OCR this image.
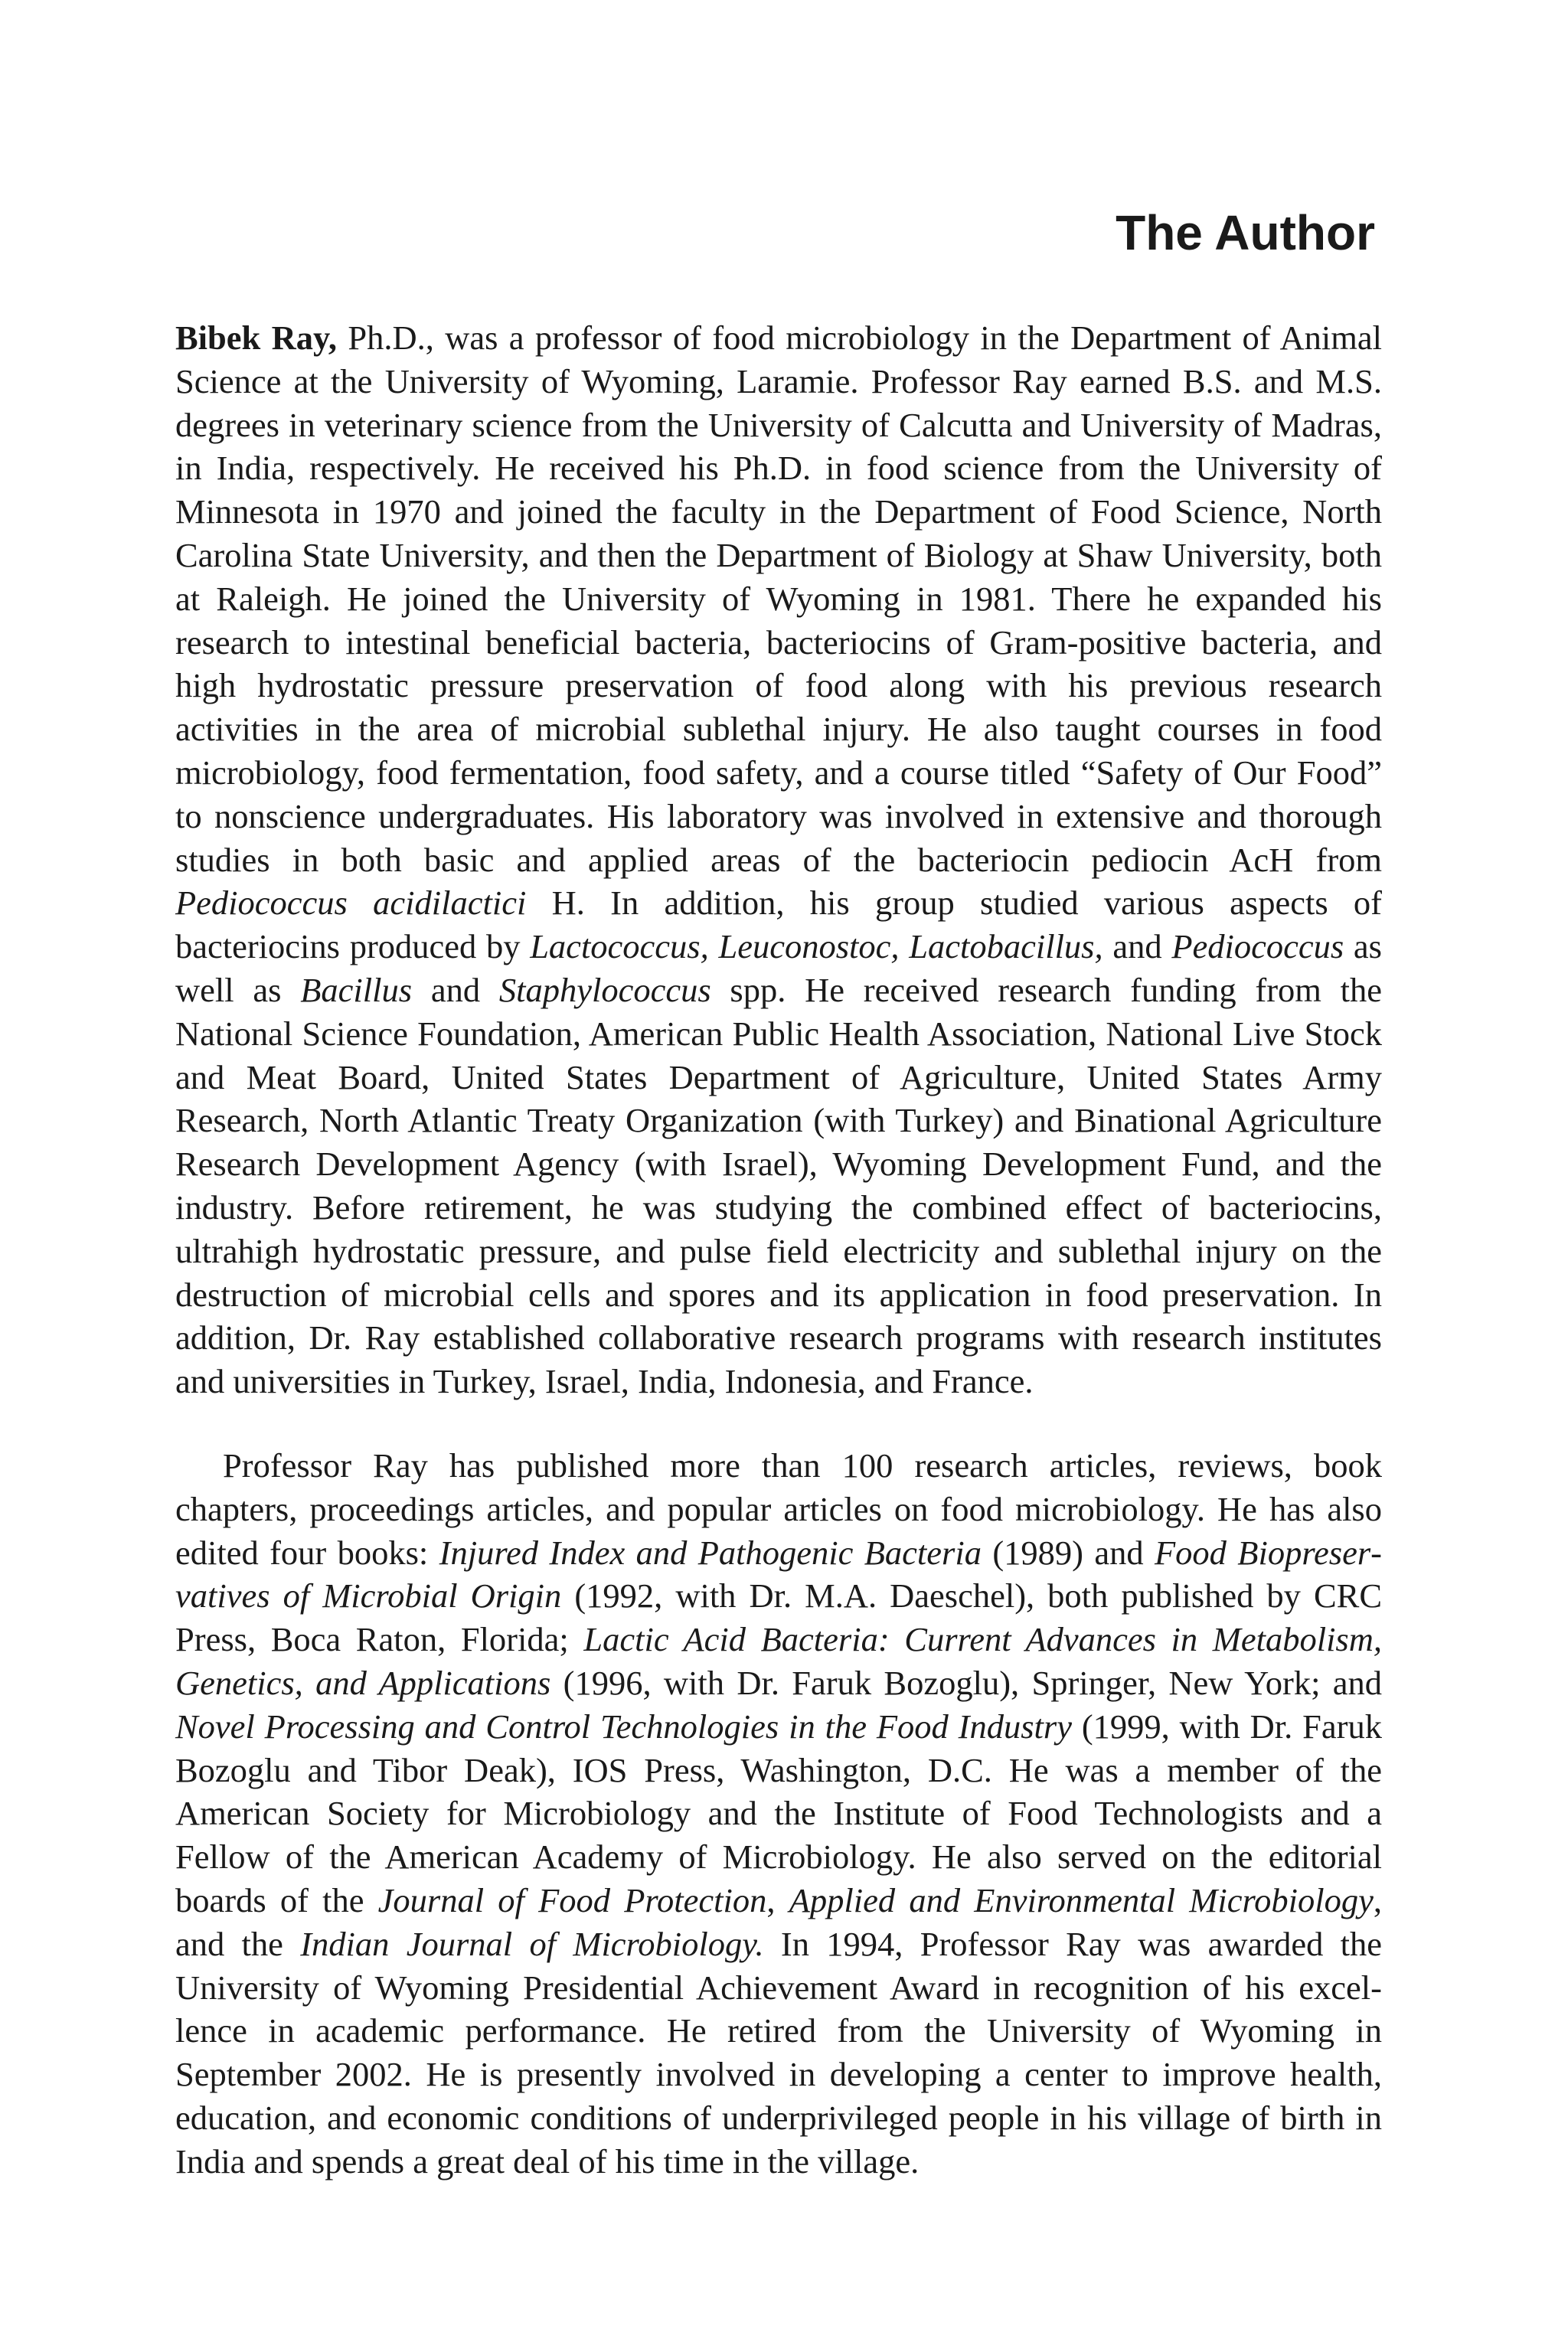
The Author

Bibek Ray, Ph.D., was a professor of food microbiology in the Department of Animal Science at the University of Wyoming, Laramie. Professor Ray earned B.S. and M.S. degrees in veterinary science from the University of Calcutta and University of Madras, in India, respectively. He received his Ph.D. in food science from the University of Minnesota in 1970 and joined the faculty in the Department of Food Science, North Carolina State University, and then the Department of Biology at Shaw University, both at Raleigh. He joined the University of Wyoming in 1981. There he expanded his research to intestinal beneficial bacteria, bacteriocins of Gram-positive bacteria, and high hydrostatic pressure preservation of food along with his previous research activities in the area of microbial sublethal injury. He also taught courses in food microbiology, food fermentation, food safety, and a course titled “Safety of Our Food” to nonscience undergraduates. His laboratory was involved in extensive and thorough studies in both basic and applied areas of the bacteriocin pediocin AcH from Pediococcus acidilactici H. In addition, his group studied various aspects of bacteriocins produced by Lactococcus, Leuconostoc, Lactobacillus, and Pediococcus as well as Bacillus and Staphylococcus spp. He received research funding from the National Science Foundation, American Public Health Association, National Live Stock and Meat Board, United States Department of Agriculture, United States Army Research, North Atlantic Treaty Organization (with Turkey) and Binational Agriculture Research Development Agency (with Israel), Wyoming Development Fund, and the industry. Before retirement, he was studying the combined effect of bacteriocins, ultrahigh hydrostatic pressure, and pulse field electricity and sublethal injury on the destruction of microbial cells and spores and its application in food preservation. In addition, Dr. Ray established collaborative research programs with research institutes and universities in Turkey, Israel, India, Indonesia, and France.

Professor Ray has published more than 100 research articles, reviews, book chapters, proceedings articles, and popular articles on food microbiology. He has also edited four books: Injured Index and Pathogenic Bacteria (1989) and Food Biopreservatives of Microbial Origin (1992, with Dr. M.A. Daeschel), both published by CRC Press, Boca Raton, Florida; Lactic Acid Bacteria: Current Advances in Metabolism, Genetics, and Applications (1996, with Dr. Faruk Bozoglu), Springer, New York; and Novel Processing and Control Technologies in the Food Industry (1999, with Dr. Faruk Bozoglu and Tibor Deak), IOS Press, Washington, D.C. He was a member of the American Society for Microbiology and the Institute of Food Technologists and a Fellow of the American Academy of Microbiology. He also served on the editorial boards of the Journal of Food Protection, Applied and Environmental Microbiology, and the Indian Journal of Microbiology. In 1994, Professor Ray was awarded the University of Wyoming Presidential Achievement Award in recognition of his excellence in academic performance. He retired from the University of Wyoming in September 2002. He is presently involved in developing a center to improve health, education, and economic conditions of underprivileged people in his village of birth in India and spends a great deal of his time in the village.
